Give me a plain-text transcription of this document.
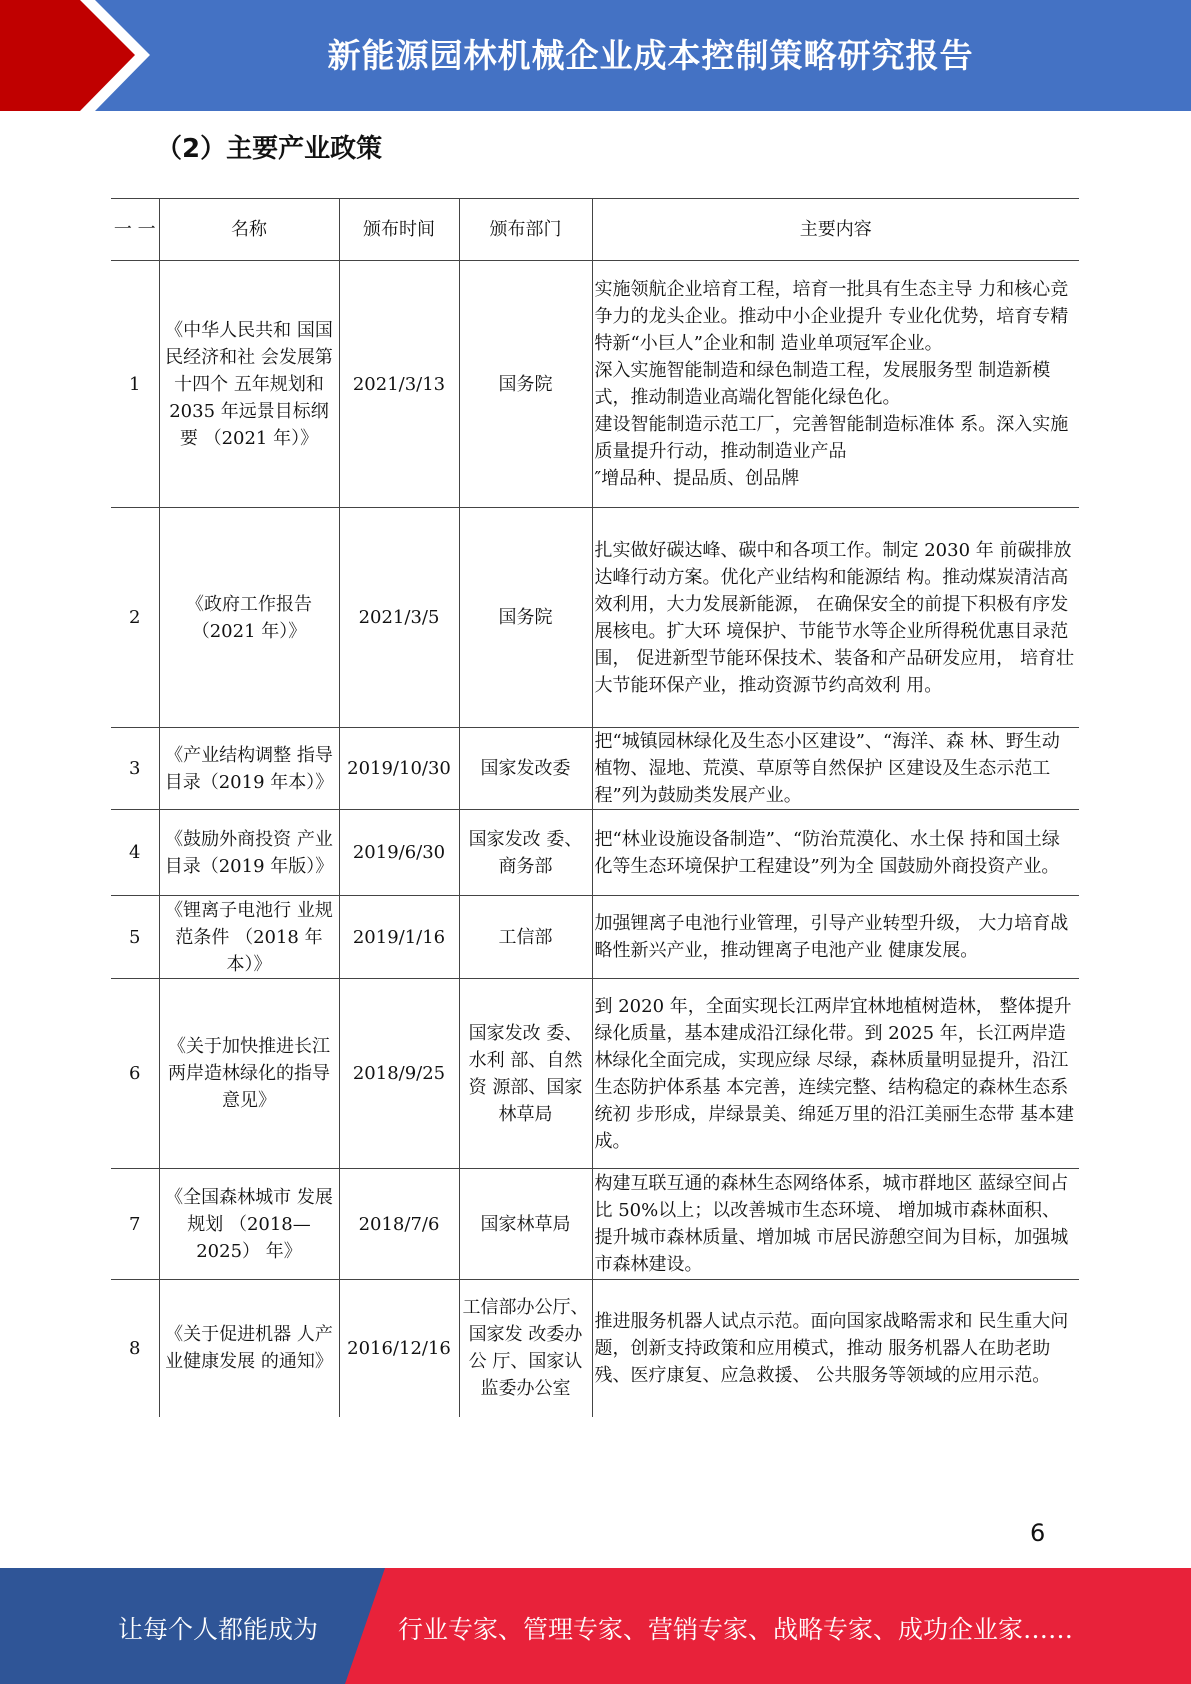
新能源园林机械企业成本控制策略研究报告
（2）主要产业政策
一 一	名称	颁布时间	颁布部门	主要内容
1	《中华人民共和 国国民经济和社 会发展第十四个 五年规划和 2035 年远景目标纲要 （2021 年）》	2021/3/13	国务院	实施领航企业培育工程，培育一批具有生态主导 力和核心竞争力的龙头企业。推动中小企业提升 专业化优势，培育专精特新“小巨人”企业和制 造业单项冠军企业。
深入实施智能制造和绿色制造工程，发展服务型 制造新模式，推动制造业高端化智能化绿色化。
建设智能制造示范工厂，完善智能制造标准体 系。深入实施质量提升行动，推动制造业产品
″增品种、提品质、创品牌

2	《政府工作报告（2021 年）》	2021/3/5	国务院	扎实做好碳达峰、碳中和各项工作。制定 2030 年 前碳排放达峰行动方案。优化产业结构和能源结 构。推动煤炭清洁高效利用，大力发展新能源， 在确保安全的前提下积极有序发展核电。扩大环 境保护、节能节水等企业所得税优惠目录范围， 促进新型节能环保技术、装备和产品研发应用， 培育壮大节能环保产业，推动资源节约高效利 用。

3	《产业结构调整 指导目录（2019 年本）》	2019/10/30	国家发改委	把“城镇园林绿化及生态小区建设”、“海洋、森 林、野生动植物、湿地、荒漠、草原等自然保护 区建设及生态示范工程”列为鼓励类发展产业。

4	《鼓励外商投资 产业目录（2019 年版）》	2019/6/30	国家发改 委、商务部	把“林业设施设备制造”、“防治荒漠化、水土保 持和国土绿化等生态环境保护工程建设”列为全 国鼓励外商投资产业。

5	《锂离子电池行 业规范条件 （2018 年本）》	2019/1/16	工信部	加强锂离子电池行业管理，引导产业转型升级， 大力培育战略性新兴产业，推动锂离子电池产业 健康发展。

6	《关于加快推进长江两岸造林绿化的指导意见》	2018/9/25	国家发改 委、水利 部、自然资 源部、国家林草局	到 2020 年，全面实现长江两岸宜林地植树造林， 整体提升绿化质量，基本建成沿江绿化带。到 2025 年，长江两岸造林绿化全面完成，实现应绿 尽绿，森林质量明显提升，沿江生态防护体系基 本完善，连续完整、结构稳定的森林生态系统初 步形成，岸绿景美、绵延万里的沿江美丽生态带 基本建成。

7	《全国森林城市 发展规划 （2018—2025） 年》	2018/7/6	国家林草局	构建互联互通的森林生态网络体系，城市群地区 蓝绿空间占比 50%以上；以改善城市生态环境、 增加城市森林面积、提升城市森林质量、增加城 市居民游憩空间为目标，加强城市森林建设。

8	《关于促进机器 人产业健康发展 的通知》	2016/12/16	工信部办公厅、国家发 改委办公 厅、国家认 监委办公室	推进服务机器人试点示范。面向国家战略需求和 民生重大问题，创新支持政策和应用模式，推动 服务机器人在助老助残、医疗康复、应急救援、 公共服务等领域的应用示范。
6
让每个人都能成为	行业专家、管理专家、营销专家、战略专家、成功企业家……
